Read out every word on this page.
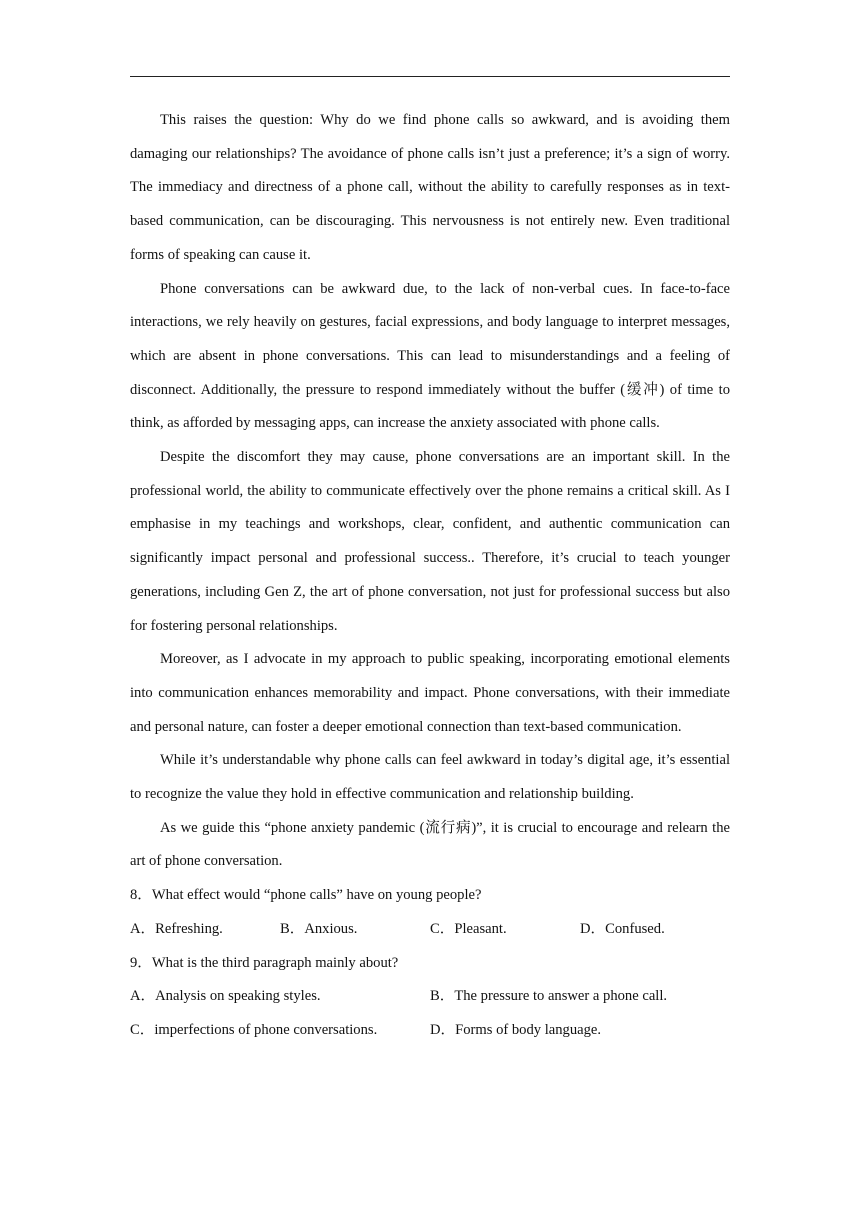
This raises the question: Why do we find phone calls so awkward, and is avoiding them damaging our relationships? The avoidance of phone calls isn’t just a preference; it’s a sign of worry. The immediacy and directness of a phone call, without the ability to carefully responses as in text-based communication, can be discouraging. This nervousness is not entirely new. Even traditional forms of speaking can cause it.

Phone conversations can be awkward due, to the lack of non-verbal cues. In face-to-face interactions, we rely heavily on gestures, facial expressions, and body language to interpret messages, which are absent in phone conversations. This can lead to misunderstandings and a feeling of disconnect. Additionally, the pressure to respond immediately without the buffer (缓冲) of time to think, as afforded by messaging apps, can increase the anxiety associated with phone calls.

Despite the discomfort they may cause, phone conversations are an important skill. In the professional world, the ability to communicate effectively over the phone remains a critical skill. As I emphasise in my teachings and workshops, clear, confident, and authentic communication can significantly impact personal and professional success.. Therefore, it’s crucial to teach younger generations, including Gen Z, the art of phone conversation, not just for professional success but also for fostering personal relationships.

Moreover, as I advocate in my approach to public speaking, incorporating emotional elements into communication enhances memorability and impact. Phone conversations, with their immediate and personal nature, can foster a deeper emotional connection than text-based communication.

While it’s understandable why phone calls can feel awkward in today’s digital age, it’s essential to recognize the value they hold in effective communication and relationship building.

As we guide this “phone anxiety pandemic (流行病)”, it is crucial to encourage and relearn the art of phone conversation.

8．What effect would “phone calls” have on young people?

A．Refreshing.	B．Anxious.	C．Pleasant.	D．Confused.

9．What is the third paragraph mainly about?

A．Analysis on speaking styles.	B．The pressure to answer a phone call.
C．imperfections of phone conversations.	D．Forms of body language.
